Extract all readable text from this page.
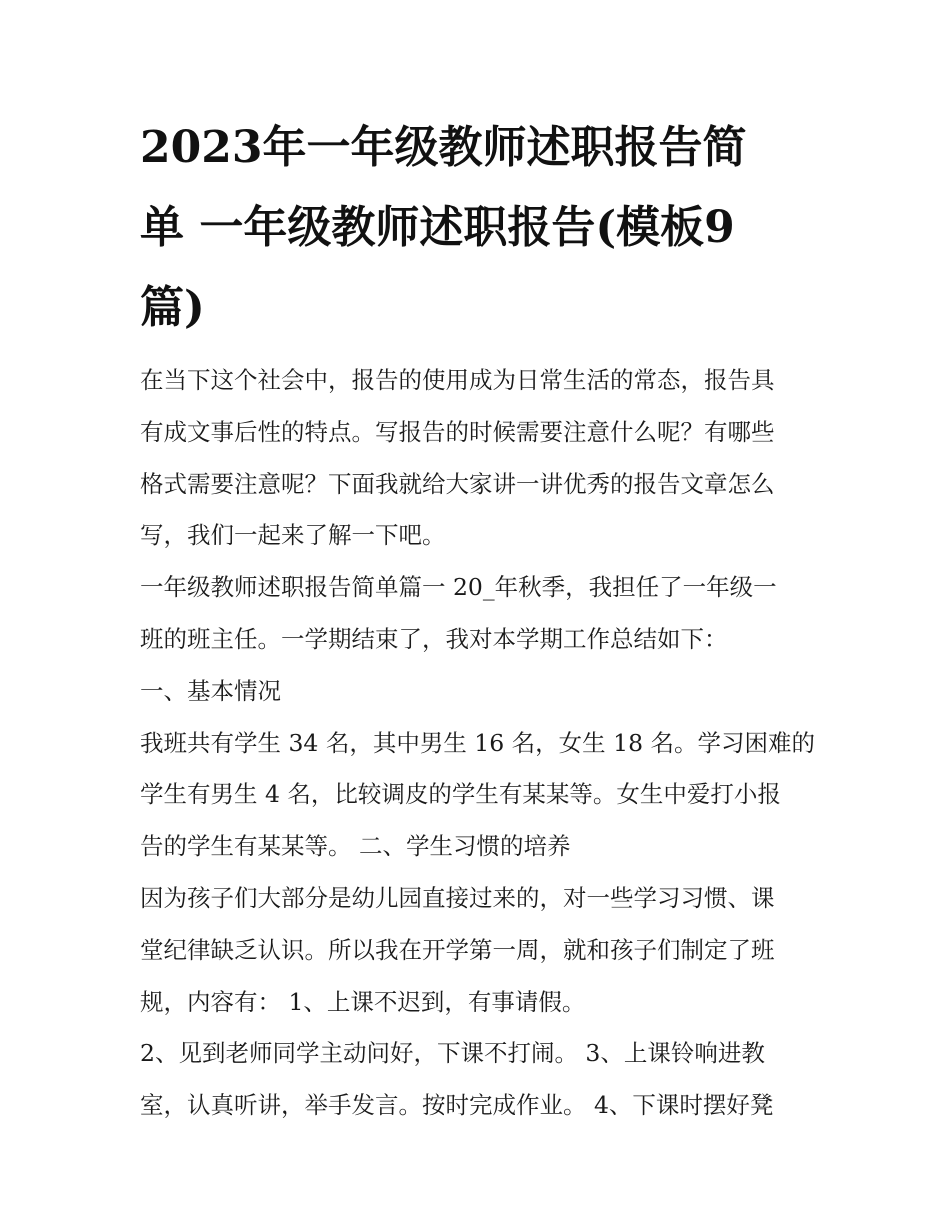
2023年一年级教师述职报告简
单 一年级教师述职报告(模板9
篇)
在当下这个社会中，报告的使用成为日常生活的常态，报告具
有成文事后性的特点。写报告的时候需要注意什么呢？有哪些
格式需要注意呢？下面我就给大家讲一讲优秀的报告文章怎么
写，我们一起来了解一下吧。
一年级教师述职报告简单篇一 20_年秋季，我担任了一年级一
班的班主任。一学期结束了，我对本学期工作总结如下：
一、基本情况
我班共有学生 34 名，其中男生 16 名，女生 18 名。学习困难的
学生有男生 4 名，比较调皮的学生有某某等。女生中爱打小报
告的学生有某某等。 二、学生习惯的培养
因为孩子们大部分是幼儿园直接过来的，对一些学习习惯、课
堂纪律缺乏认识。所以我在开学第一周，就和孩子们制定了班
规，内容有： 1、上课不迟到，有事请假。
2、见到老师同学主动问好，下课不打闹。 3、上课铃响进教
室，认真听讲，举手发言。按时完成作业。 4、下课时摆好凳
